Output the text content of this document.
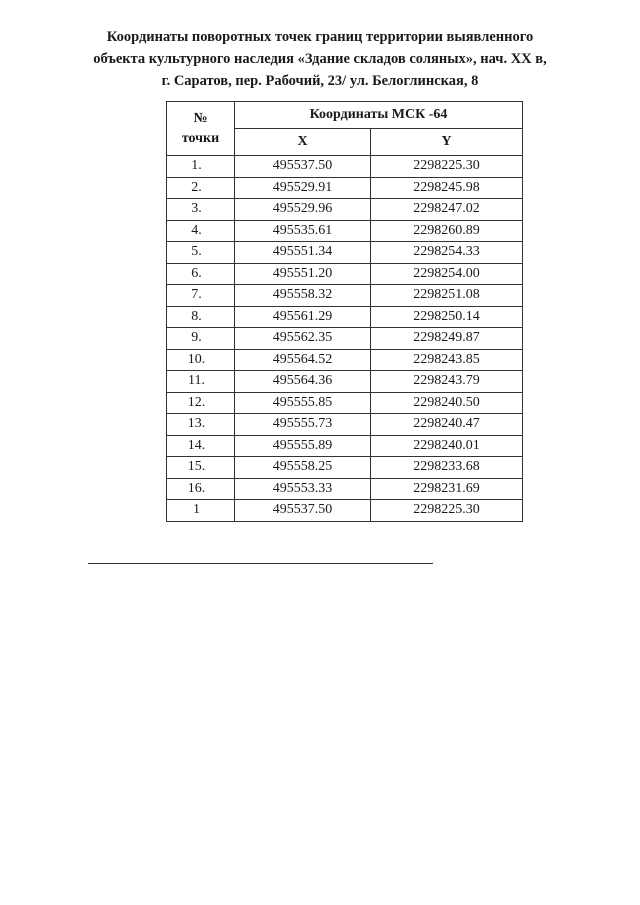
Координаты поворотных точек границ территории выявленного
объекта культурного наследия «Здание складов соляных», нач. XX в,
г. Саратов, пер. Рабочий, 23/ ул. Белоглинская, 8
№
точки	Координаты МСК -64	
	X	Y
1.	495537.50	2298225.30
2.	495529.91	2298245.98
3.	495529.96	2298247.02
4.	495535.61	2298260.89
5.	495551.34	2298254.33
6.	495551.20	2298254.00
7.	495558.32	2298251.08
8.	495561.29	2298250.14
9.	495562.35	2298249.87
10.	495564.52	2298243.85
11.	495564.36	2298243.79
12.	495555.85	2298240.50
13.	495555.73	2298240.47
14.	495555.89	2298240.01
15.	495558.25	2298233.68
16.	495553.33	2298231.69
1	495537.50	2298225.30
